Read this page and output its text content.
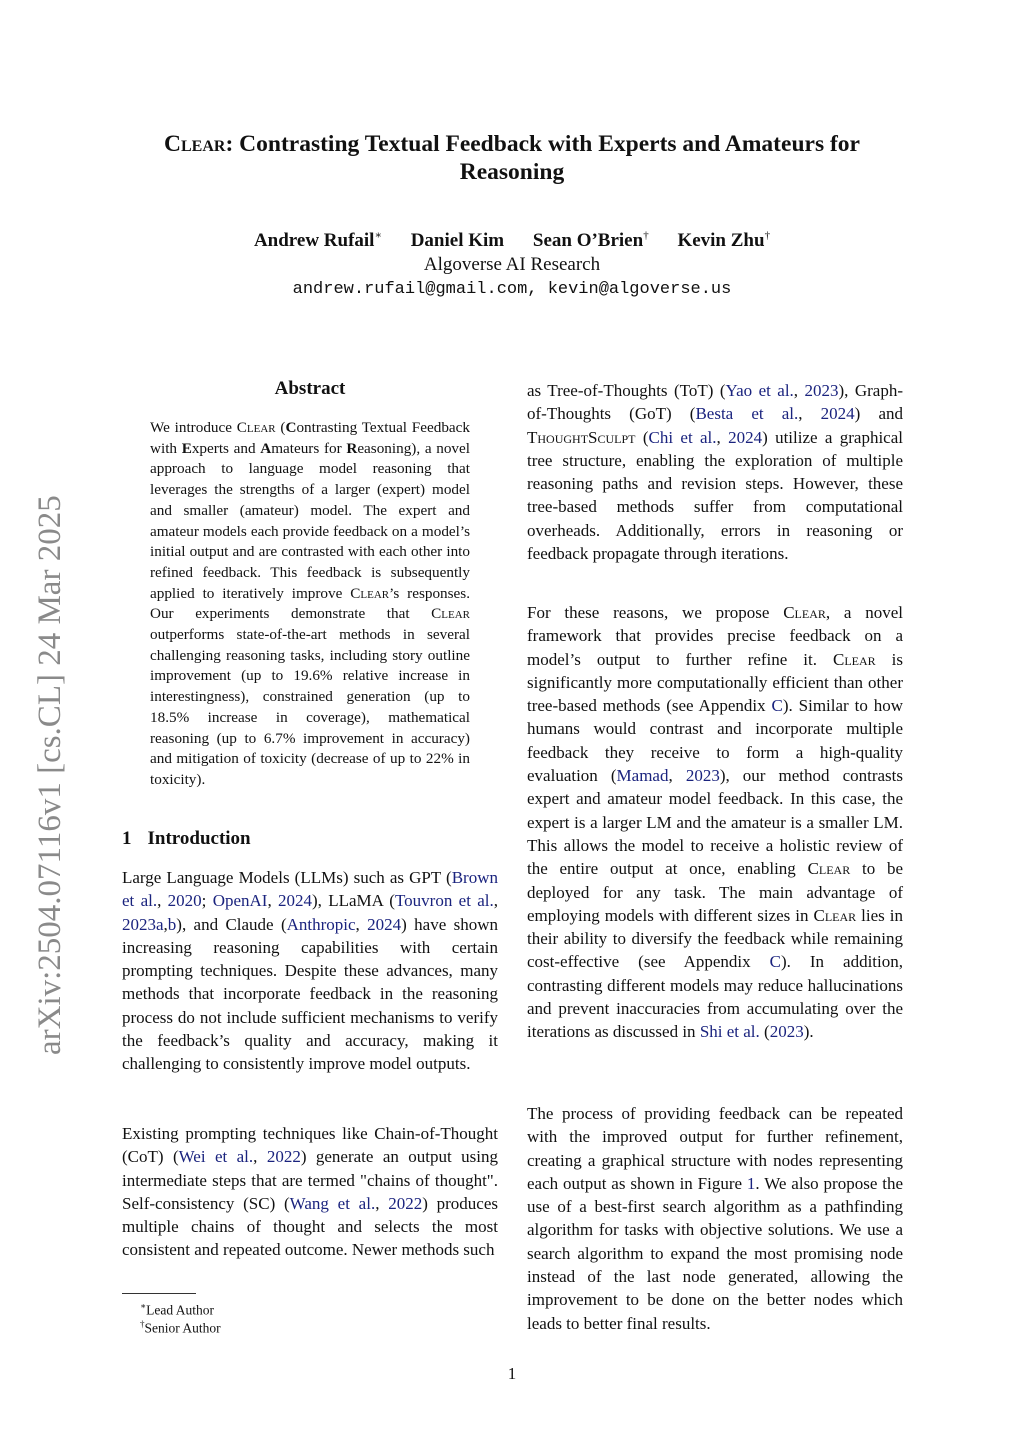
arXiv:2504.07116v1 [cs.CL] 24 Mar 2025
Clear: Contrasting Textual Feedback with Experts and Amateurs for
Reasoning
Andrew Rufail∗ Daniel Kim Sean O’Brien† Kevin Zhu†
Algoverse AI Research
andrew.rufail@gmail.com, kevin@algoverse.us
Abstract
We introduce Clear (Contrasting Textual Feedback with Experts and Amateurs for Reasoning), a novel approach to language model reasoning that leverages the strengths of a larger (expert) model and smaller (amateur) model. The expert and amateur models each provide feedback on a model’s initial output and are contrasted with each other into refined feedback. This feedback is subsequently applied to iteratively improve Clear’s responses. Our experiments demonstrate that Clear outperforms state-of-the-art methods in several challenging reasoning tasks, including story outline improvement (up to 19.6% relative increase in interestingness), constrained generation (up to 18.5% increase in coverage), mathematical reasoning (up to 6.7% improvement in accuracy) and mitigation of toxicity (decrease of up to 22% in toxicity).
1 Introduction
Large Language Models (LLMs) such as GPT (Brown et al., 2020; OpenAI, 2024), LLaMA (Touvron et al., 2023a,b), and Claude (Anthropic, 2024) have shown increasing reasoning capabilities with certain prompting techniques. Despite these advances, many methods that incorporate feedback in the reasoning process do not include sufficient mechanisms to verify the feedback’s quality and accuracy, making it challenging to consistently improve model outputs.
Existing prompting techniques like Chain-of-Thought (CoT) (Wei et al., 2022) generate an output using intermediate steps that are termed "chains of thought". Self-consistency (SC) (Wang et al., 2022) produces multiple chains of thought and selects the most consistent and repeated outcome. Newer methods such
∗Lead Author
†Senior Author
as Tree-of-Thoughts (ToT) (Yao et al., 2023), Graph-of-Thoughts (GoT) (Besta et al., 2024) and ThoughtSculpt (Chi et al., 2024) utilize a graphical tree structure, enabling the exploration of multiple reasoning paths and revision steps. However, these tree-based methods suffer from computational overheads. Additionally, errors in reasoning or feedback propagate through iterations.
For these reasons, we propose Clear, a novel framework that provides precise feedback on a model’s output to further refine it. Clear is significantly more computationally efficient than other tree-based methods (see Appendix C). Similar to how humans would contrast and incorporate multiple feedback they receive to form a high-quality evaluation (Mamad, 2023), our method contrasts expert and amateur model feedback. In this case, the expert is a larger LM and the amateur is a smaller LM. This allows the model to receive a holistic review of the entire output at once, enabling Clear to be deployed for any task. The main advantage of employing models with different sizes in Clear lies in their ability to diversify the feedback while remaining cost-effective (see Appendix C). In addition, contrasting different models may reduce hallucinations and prevent inaccuracies from accumulating over the iterations as discussed in Shi et al. (2023).
The process of providing feedback can be repeated with the improved output for further refinement, creating a graphical structure with nodes representing each output as shown in Figure 1. We also propose the use of a best-first search algorithm as a pathfinding algorithm for tasks with objective solutions. We use a search algorithm to expand the most promising node instead of the last node generated, allowing the improvement to be done on the better nodes which leads to better final results.
1
